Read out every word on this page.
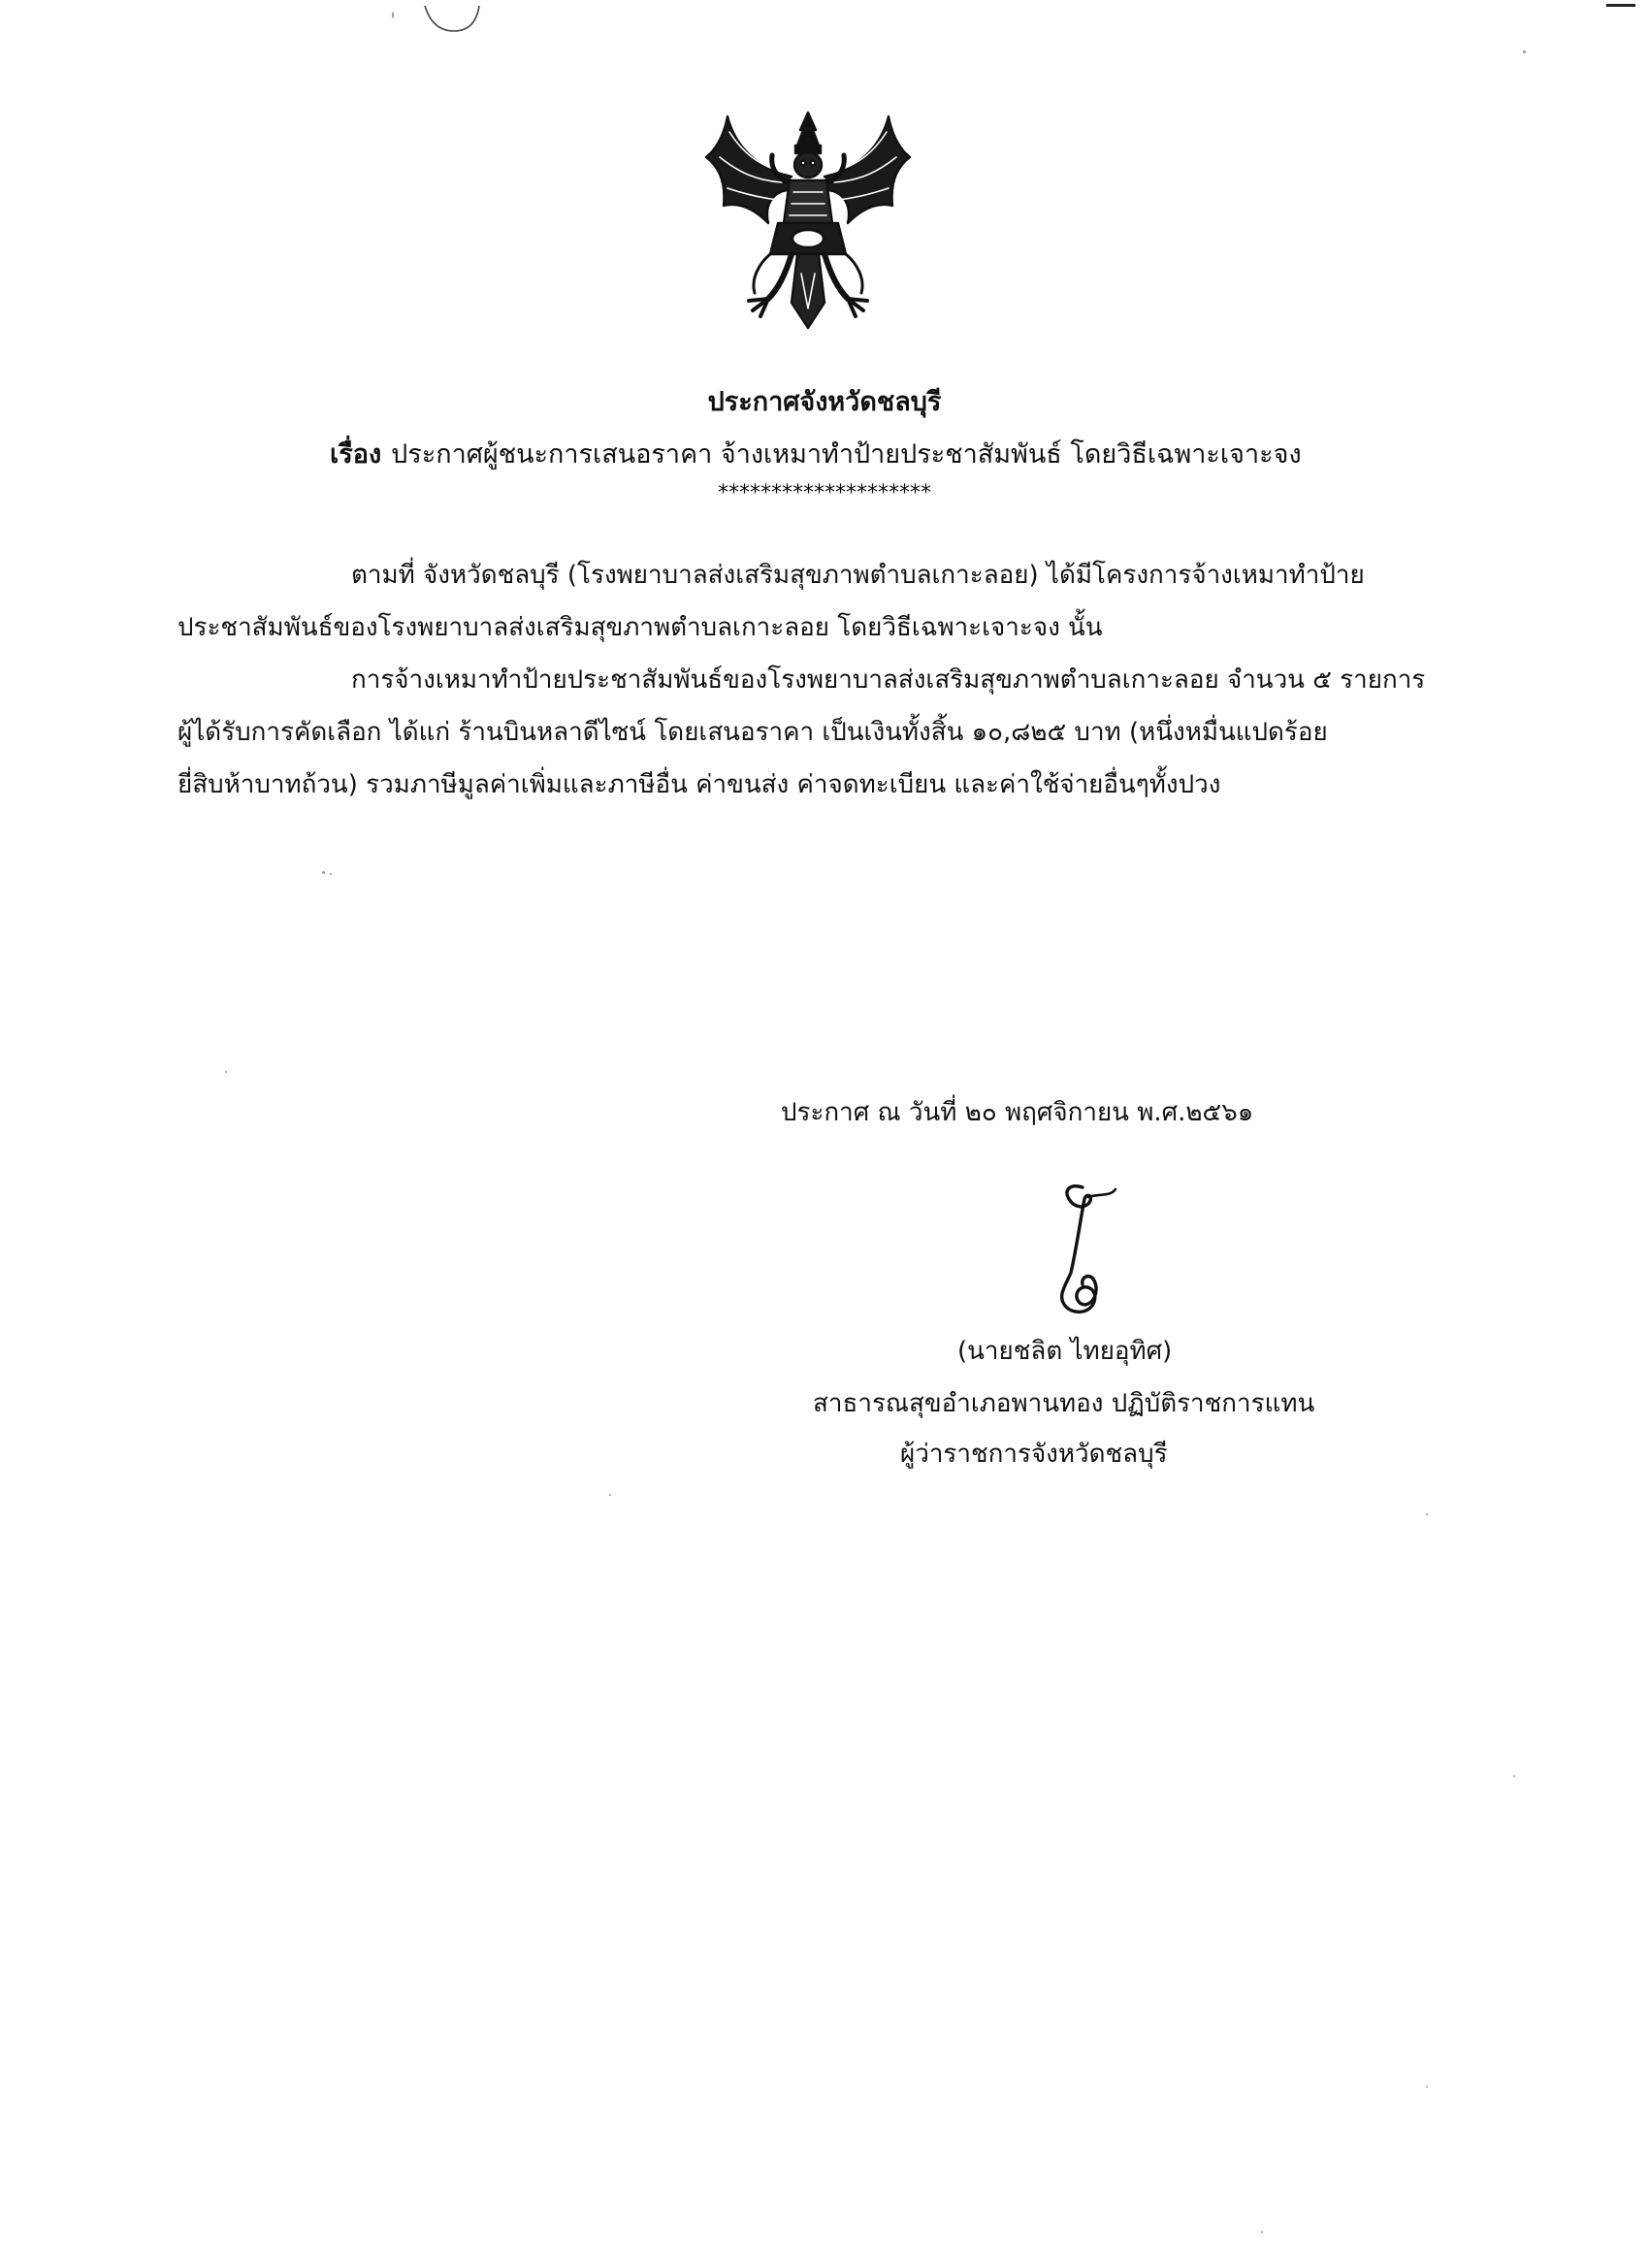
ประกาศจังหวัดชลบุรี
เรื่อง ประกาศผู้ชนะการเสนอราคา จ้างเหมาทำป้ายประชาสัมพันธ์ โดยวิธีเฉพาะเจาะจง
********************
ตามที่ จังหวัดชลบุรี (โรงพยาบาลส่งเสริมสุขภาพตำบลเกาะลอย) ได้มีโครงการจ้างเหมาทำป้าย
ประชาสัมพันธ์ของโรงพยาบาลส่งเสริมสุขภาพตำบลเกาะลอย โดยวิธีเฉพาะเจาะจง นั้น
การจ้างเหมาทำป้ายประชาสัมพันธ์ของโรงพยาบาลส่งเสริมสุขภาพตำบลเกาะลอย จำนวน ๕ รายการ
ผู้ได้รับการคัดเลือก ได้แก่ ร้านบินหลาดีไซน์ โดยเสนอราคา เป็นเงินทั้งสิ้น ๑๐,๘๒๕ บาท (หนึ่งหมื่นแปดร้อย
ยี่สิบห้าบาทถ้วน) รวมภาษีมูลค่าเพิ่มและภาษีอื่น ค่าขนส่ง ค่าจดทะเบียน และค่าใช้จ่ายอื่นๆทั้งปวง
ประกาศ ณ วันที่ ๒๐ พฤศจิกายน พ.ศ.๒๕๖๑
(นายชลิต ไทยอุทิศ)
สาธารณสุขอำเภอพานทอง ปฏิบัติราชการแทน
ผู้ว่าราชการจังหวัดชลบุรี
